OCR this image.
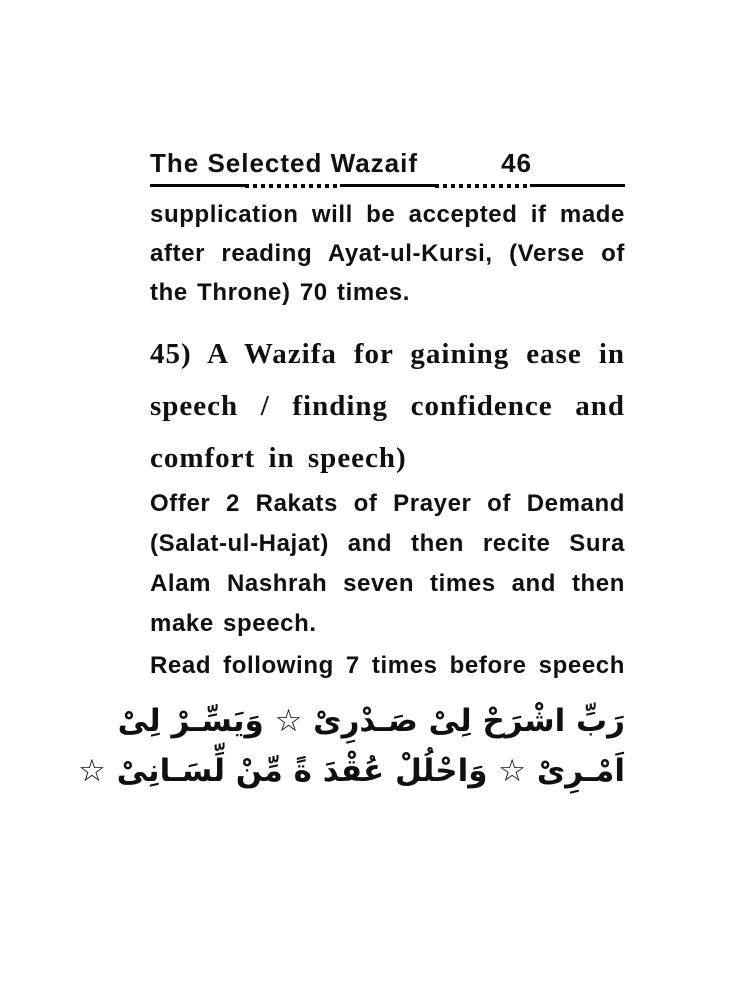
The Selected Wazaif	46
supplication will be accepted if made
after reading Ayat-ul-Kursi, (Verse of
the Throne) 70 times.
45) A Wazifa for gaining ease in
speech / finding confidence and
comfort in speech)
Offer 2 Rakats of Prayer of Demand
(Salat-ul-Hajat) and then recite Sura
Alam Nashrah seven times and then
make speech.
Read following 7 times before speech
رَبِّ اشْرَحْ لِیْ صَـدْرِیْ ☆ وَیَسِّـرْ لِیْ
اَمْـرِیْ ☆ وَاحْلُلْ عُقْدَ ةً مِّنْ لِّسَـانِیْ ☆
